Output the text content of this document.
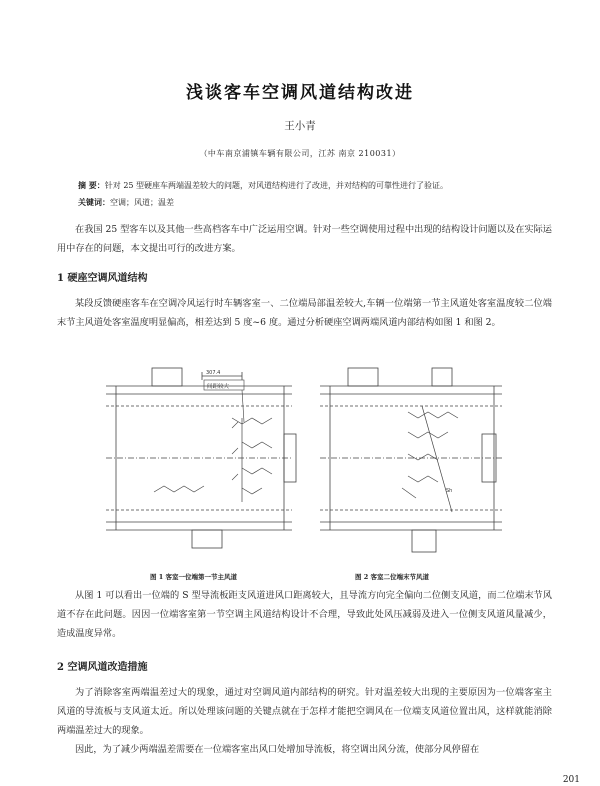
浅谈客车空调风道结构改进
王小青
（中车南京浦镇车辆有限公司，江苏 南京 210031）
摘 要：针对 25 型硬座车两端温差较大的问题，对风道结构进行了改进，并对结构的可靠性进行了验证。
关键词：空调；风道；温差
在我国 25 型客车以及其他一些高档客车中广泛运用空调。针对一些空调使用过程中出现的结构设计问题以及在实际运用中存在的问题，本文提出可行的改进方案。
1 硬座空调风道结构
某段反馈硬座客车在空调冷风运行时车辆客室一、二位端局部温差较大,车辆一位端第一节主风道处客室温度较二位端末节主风道处客室温度明显偏高，相差达到 5 度~6 度。通过分析硬座空调两端风道内部结构如图 1 和图 2。
307.4
间距较大
Sh
图 1 客室一位端第一节主风道	图 2 客室二位端末节风道
从图 1 可以看出一位端的 S 型导流板距支风道进风口距离较大，且导流方向完全偏向二位侧支风道，而二位端末节风道不存在此问题。因因一位端客室第一节空调主风道结构设计不合理，导致此处风压减弱及进入一位侧支风道风量减少，造成温度异常。
2 空调风道改造措施
为了消除客室两端温差过大的现象，通过对空调风道内部结构的研究。针对温差较大出现的主要原因为一位端客室主风道的导流板与支风道太近。所以处理该问题的关键点就在于怎样才能把空调风在一位端支风道位置出风，这样就能消除两端温差过大的现象。
因此，为了减少两端温差需要在一位端客室出风口处增加导流板，将空调出风分流，使部分风停留在
201
